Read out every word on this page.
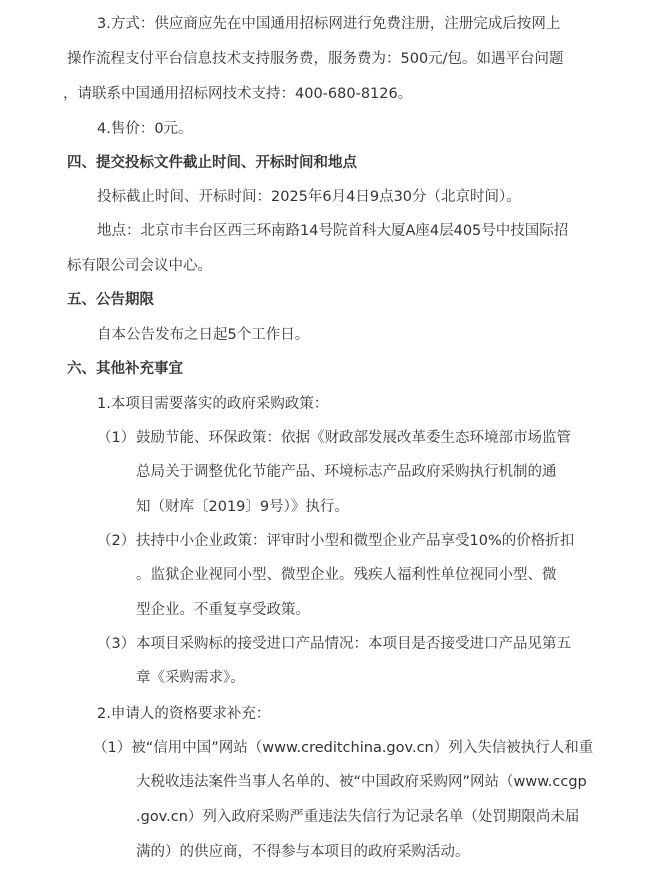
3.方式：供应商应先在中国通用招标网进行免费注册，注册完成后按网上
操作流程支付平台信息技术支持服务费，服务费为：500元/包。如遇平台问题
，请联系中国通用招标网技术支持：400-680-8126。
4.售价：0元。
四、提交投标文件截止时间、开标时间和地点
投标截止时间、开标时间：2025年6月4日9点30分（北京时间）。
地点：北京市丰台区西三环南路14号院首科大厦A座4层405号中技国际招
标有限公司会议中心。
五、公告期限
自本公告发布之日起5个工作日。
六、其他补充事宜
1.本项目需要落实的政府采购政策：
（1） 鼓励节能、环保政策：依据《财政部发展改革委生态环境部市场监管
总局关于调整优化节能产品、环境标志产品政府采购执行机制的通
知（财库〔2019〕9号）》执行。
（2） 扶持中小企业政策：评审时小型和微型企业产品享受10%的价格折扣
。监狱企业视同小型、微型企业。残疾人福利性单位视同小型、微
型企业。不重复享受政策。
（3） 本项目采购标的接受进口产品情况：本项目是否接受进口产品见第五
章《采购需求》。
2.申请人的资格要求补充：
（1）被“信用中国”网站（www.creditchina.gov.cn）列入失信被执行人和重
大税收违法案件当事人名单的、被“中国政府采购网”网站（www.ccgp
.gov.cn）列入政府采购严重违法失信行为记录名单（处罚期限尚未届
满的）的供应商，不得参与本项目的政府采购活动。
